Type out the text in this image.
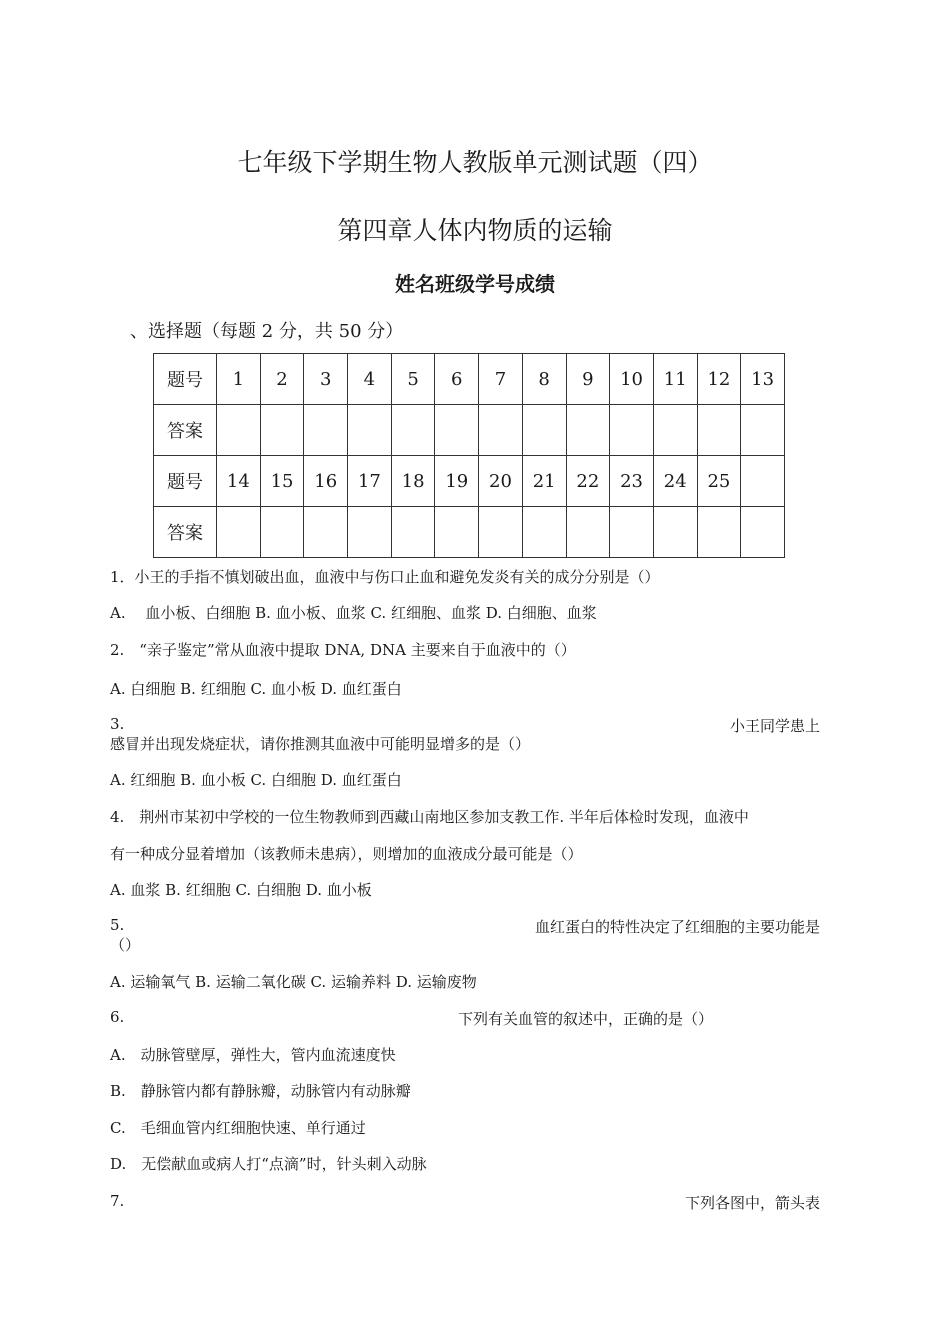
七年级下学期生物人教版单元测试题（四）
第四章人体内物质的运输
姓名班级学号成绩
、选择题（每题 2 分，共 50 分）
题号	1	2	3	4	5	6	7	8	9	10	11	12	13
答案													
题号	14	15	16	17	18	19	20	21	22	23	24	25	
答案													
1．小王的手指不慎划破出血，血液中与伤口止血和避免发炎有关的成分分别是（）
A.　 血小板、白细胞 B. 血小板、血浆 C. 红细胞、血浆 D. 白细胞、血浆
2.　“亲子鉴定”常从血液中提取 DNA, DNA 主要来自于血液中的（）
A. 白细胞 B. 红细胞 C. 血小板 D. 血红蛋白
3.	小王同学患上
感冒并出现发烧症状，请你推测其血液中可能明显增多的是（）
A. 红细胞 B. 血小板 C. 白细胞 D. 血红蛋白
4.　荆州市某初中学校的一位生物教师到西藏山南地区参加支教工作. 半年后体检时发现，血液中
有一种成分显着增加（该教师未患病），则增加的血液成分最可能是（）
A. 血浆 B. 红细胞 C. 白细胞 D. 血小板
5.	血红蛋白的特性决定了红细胞的主要功能是
（）
A. 运输氧气 B. 运输二氧化碳 C. 运输养料 D. 运输废物
6.	下列有关血管的叙述中，正确的是（）
A.　动脉管壁厚，弹性大，管内血流速度快
B.　静脉管内都有静脉瓣，动脉管内有动脉瓣
C.　毛细血管内红细胞快速、单行通过
D.　无偿献血或病人打“点滴”时，针头刺入动脉
7.	下列各图中，箭头表
